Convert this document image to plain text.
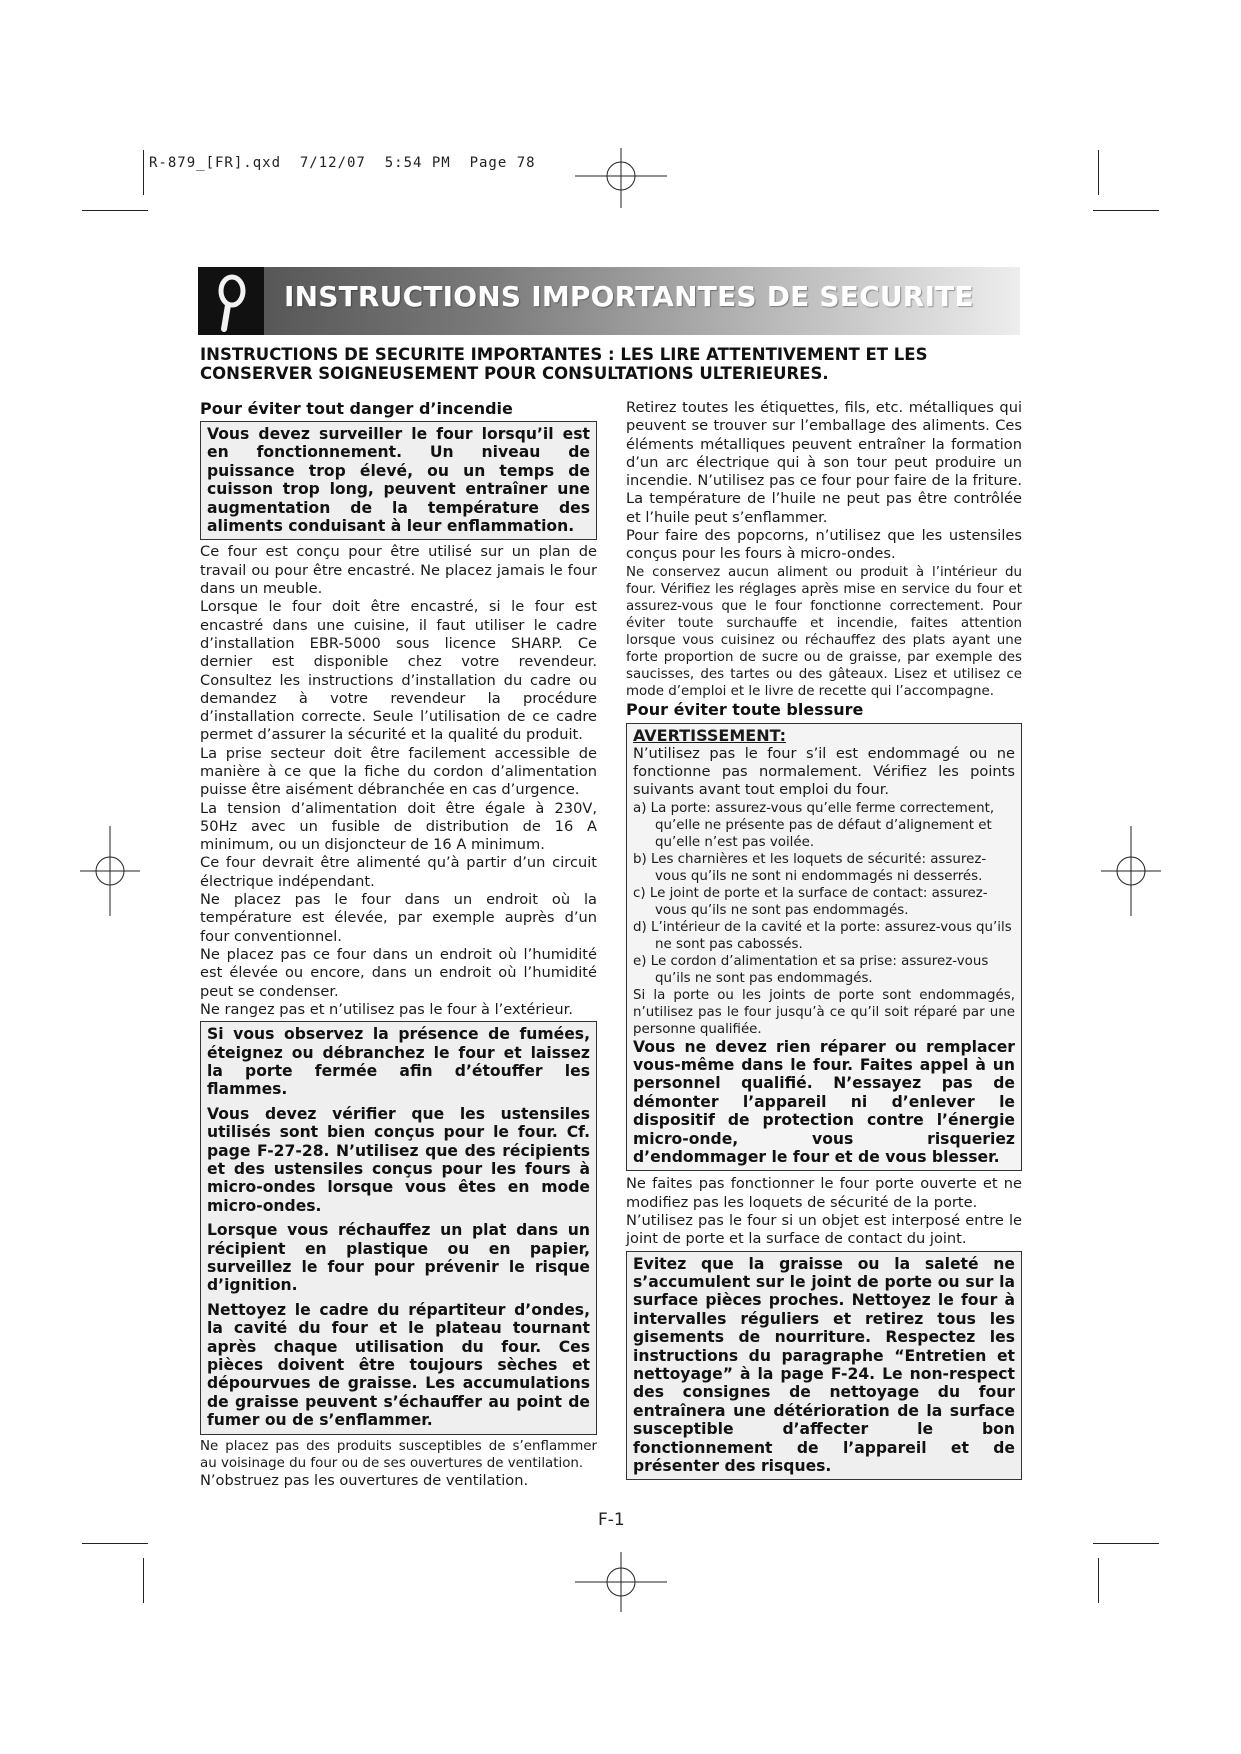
R-879_[FR].qxd  7/12/07  5:54 PM  Page 78
INSTRUCTIONS IMPORTANTES DE SECURITE
INSTRUCTIONS DE SECURITE IMPORTANTES : LES LIRE ATTENTIVEMENT ET LES CONSERVER SOIGNEUSEMENT POUR CONSULTATIONS ULTERIEURES.

Pour éviter tout danger d’incendie

Vous devez surveiller le four lorsqu’il est en fonctionnement. Un niveau de puissance trop élevé, ou un temps de cuisson trop long, peuvent entraîner une augmentation de la température des aliments conduisant à leur enflammation.

Ce four est conçu pour être utilisé sur un plan de travail ou pour être encastré. Ne placez jamais le four dans un meuble.

Lorsque le four doit être encastré, si le four est encastré dans une cuisine, il faut utiliser le cadre d’installation EBR-5000 sous licence SHARP. Ce dernier est disponible chez votre revendeur. Consultez les instructions d’installation du cadre ou demandez à votre revendeur la procédure d’installation correcte. Seule l’utilisation de ce cadre permet d’assurer la sécurité et la qualité du produit.

La prise secteur doit être facilement accessible de manière à ce que la fiche du cordon d’alimentation puisse être aisément débranchée en cas d’urgence.

La tension d’alimentation doit être égale à 230V, 50Hz avec un fusible de distribution de 16 A minimum, ou un disjoncteur de 16 A minimum.

Ce four devrait être alimenté qu’à partir d’un circuit électrique indépendant.

Ne placez pas le four dans un endroit où la température est élevée, par exemple auprès d’un four conventionnel.

Ne placez pas ce four dans un endroit où l’humidité est élevée ou encore, dans un endroit où l’humidité peut se condenser.

Ne rangez pas et n’utilisez pas le four à l’extérieur.

Si vous observez la présence de fumées, éteignez ou débranchez le four et laissez la porte fermée afin d’étouffer les flammes.

Vous devez vérifier que les ustensiles utilisés sont bien conçus pour le four. Cf. page F-27-28. N’utilisez que des récipients et des ustensiles conçus pour les fours à micro-ondes lorsque vous êtes en mode micro-ondes.

Lorsque vous réchauffez un plat dans un récipient en plastique ou en papier, surveillez le four pour prévenir le risque d’ignition.

Nettoyez le cadre du répartiteur d’ondes, la cavité du four et le plateau tournant après chaque utilisation du four. Ces pièces doivent être toujours sèches et dépourvues de graisse. Les accumulations de graisse peuvent s’échauffer au point de fumer ou de s’enflammer.

Ne placez pas des produits susceptibles de s’enflammer au voisinage du four ou de ses ouvertures de ventilation.

N’obstruez pas les ouvertures de ventilation.

Retirez toutes les étiquettes, fils, etc. métalliques qui peuvent se trouver sur l’emballage des aliments. Ces éléments métalliques peuvent entraîner la formation d’un arc électrique qui à son tour peut produire un incendie. N’utilisez pas ce four pour faire de la friture. La température de l’huile ne peut pas être contrôlée et l’huile peut s’enflammer.

Pour faire des popcorns, n’utilisez que les ustensiles conçus pour les fours à micro-ondes.

Ne conservez aucun aliment ou produit à l’intérieur du four. Vérifiez les réglages après mise en service du four et assurez-vous que le four fonctionne correctement. Pour éviter toute surchauffe et incendie, faites attention lorsque vous cuisinez ou réchauffez des plats ayant une forte proportion de sucre ou de graisse, par exemple des saucisses, des tartes ou des gâteaux. Lisez et utilisez ce mode d’emploi et le livre de recette qui l’accompagne.

Pour éviter toute blessure

AVERTISSEMENT:

N’utilisez pas le four s’il est endommagé ou ne fonctionne pas normalement. Vérifiez les points suivants avant tout emploi du four.

a) La porte: assurez-vous qu’elle ferme correctement, qu’elle ne présente pas de défaut d’alignement et qu’elle n’est pas voilée.

b) Les charnières et les loquets de sécurité: assurez-vous qu’ils ne sont ni endommagés ni desserrés.

c) Le joint de porte et la surface de contact: assurez-vous qu’ils ne sont pas endommagés.

d) L’intérieur de la cavité et la porte: assurez-vous qu’ils ne sont pas cabossés.

e) Le cordon d’alimentation et sa prise: assurez-vous qu’ils ne sont pas endommagés.

Si la porte ou les joints de porte sont endommagés, n’utilisez pas le four jusqu’à ce qu’il soit réparé par une personne qualifiée.

Vous ne devez rien réparer ou remplacer vous-même dans le four. Faites appel à un personnel qualifié. N’essayez pas de démonter l’appareil ni d’enlever le dispositif de protection contre l’énergie micro-onde, vous risqueriez d’endommager le four et de vous blesser.

Ne faites pas fonctionner le four porte ouverte et ne modifiez pas les loquets de sécurité de la porte.

N’utilisez pas le four si un objet est interposé entre le joint de porte et la surface de contact du joint.

Evitez que la graisse ou la saleté ne s’accumulent sur le joint de porte ou sur la surface pièces proches. Nettoyez le four à intervalles réguliers et retirez tous les gisements de nourriture. Respectez les instructions du paragraphe “Entretien et nettoyage” à la page F-24. Le non-respect des consignes de nettoyage du four entraînera une détérioration de la surface susceptible d’affecter le bon fonctionnement de l’appareil et de présenter des risques.

F-1
